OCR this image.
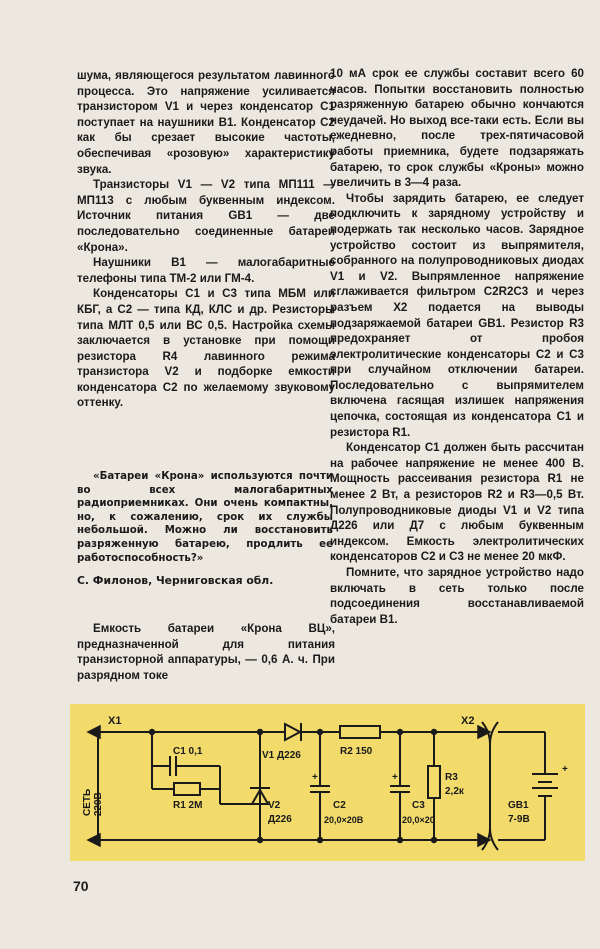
шума, являющегося результатом лавинного процесса. Это напряжение усиливается транзистором V1 и через конденсатор С1 поступает на наушники В1. Конденсатор С2 как бы срезает высокие частоты, обеспечивая «розовую» характеристику звука.

Транзисторы V1 — V2 типа МП111 — МП113 с любым буквенным индексом. Источник питания GB1 — две последовательно соединенные батареи «Крона».

Наушники В1 — малогабаритные телефоны типа ТМ-2 или ГМ-4.

Конденсаторы С1 и С3 типа МБМ или КБГ, а С2 — типа КД, КЛС и др. Резисторы типа МЛТ 0,5 или ВС 0,5. Настройка схемы заключается в установке при помощи резистора R4 лавинного режима транзистора V2 и подборке емкости конденсатора С2 по желаемому звуковому оттенку.

«Батареи «Крона» используются почти во всех малогабаритных радиоприемниках. Они очень компактны, но, к сожалению, срок их службы небольшой. Можно ли восстановить разряженную батарею, продлить ее работоспособность?»

С. Филонов, Черниговская обл.

Емкость батареи «Крона ВЦ», предназначенной для питания транзисторной аппаратуры, — 0,6 А. ч. При разрядном токе

10 мА срок ее службы составит всего 60 часов. Попытки восстановить полностью разряженную батарею обычно кончаются неудачей. Но выход все-таки есть. Если вы ежедневно, после трех-пятичасовой работы приемника, будете подзаряжать батарею, то срок службы «Кроны» можно увеличить в 3—4 раза.

Чтобы зарядить батарею, ее следует подключить к зарядному устройству и подержать так несколько часов. Зарядное устройство состоит из выпрямителя, собранного на полупроводниковых диодах V1 и V2. Выпрямленное напряжение сглаживается фильтром С2R2С3 и через разъем X2 подается на выводы подзаряжаемой батареи GB1. Резистор R3 предохраняет от пробоя электролитические конденсаторы С2 и С3 при случайном отключении батареи. Последовательно с выпрямителем включена гасящая излишек напряжения цепочка, состоящая из конденсатора С1 и резистора R1.

Конденсатор С1 должен быть рассчитан на рабочее напряжение не менее 400 В. Мощность рассеивания резистора R1 не менее 2 Вт, а резисторов R2 и R3—0,5 Вт. Полупроводниковые диоды V1 и V2 типа Д226 или Д7 с любым буквенным индексом. Емкость электролитических конденсаторов С2 и С3 не менее 20 мкФ.

Помните, что зарядное устройство надо включать в сеть только после подсоединения восстанавливаемой батареи В1.

X1	X2
C1 0,1
R1 2M
V1 Д226	R2 150
V2
Д226
C2
20,0×20В
C3
20,0×20
R3
2,2к
GB1
7-9В
+	+
+
СЕТЬ ~220В
70
